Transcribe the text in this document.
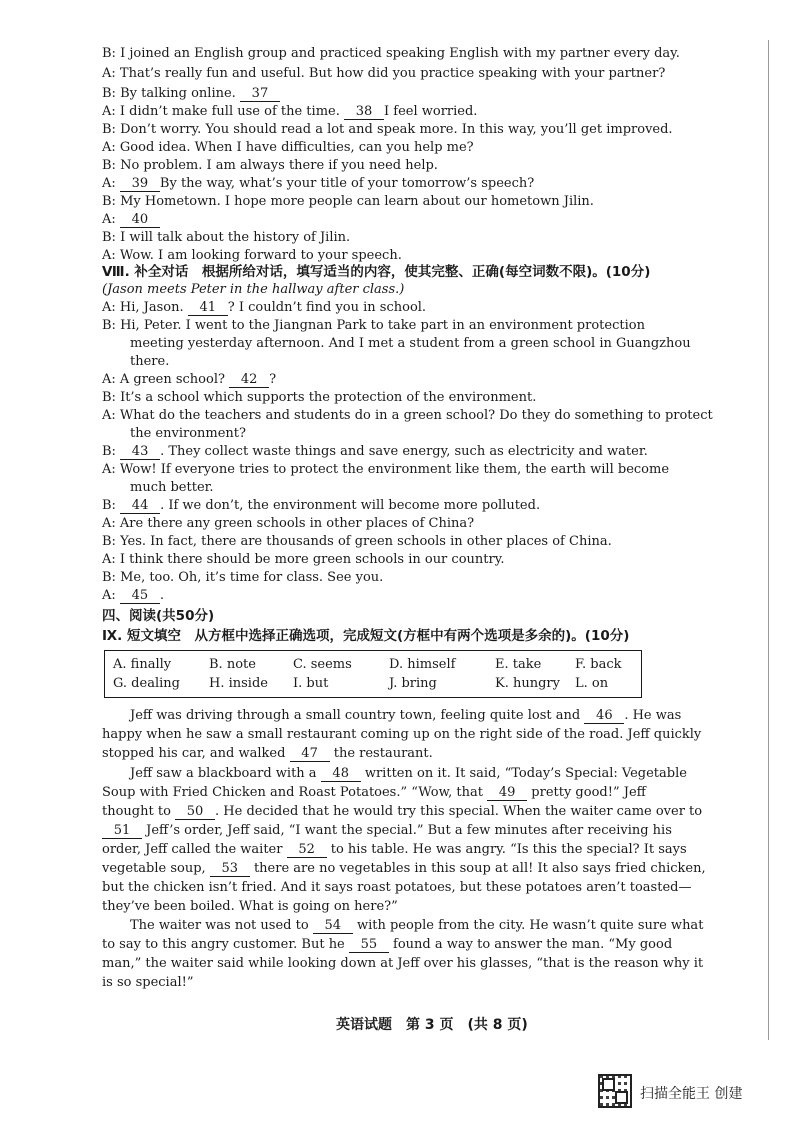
B: I joined an English group and practiced speaking English with my partner every day.
A: That’s really fun and useful. But how did you practice speaking with your partner?
B: By talking online. 37
A: I didn’t make full use of the time. 38 I feel worried.
B: Don’t worry. You should read a lot and speak more. In this way, you’ll get improved.
A: Good idea. When I have difficulties, can you help me?
B: No problem. I am always there if you need help.
A: 39 By the way, what’s your title of your tomorrow’s speech?
B: My Hometown. I hope more people can learn about our hometown Jilin.
A: 40
B: I will talk about the history of Jilin.
A: Wow. I am looking forward to your speech.
Ⅷ. 补全对话　根据所给对话，填写适当的内容，使其完整、正确(每空词数不限)。(10分)
(Jason meets Peter in the hallway after class.)
A: Hi, Jason. 41 ? I couldn’t find you in school.
B: Hi, Peter. I went to the Jiangnan Park to take part in an environment protection
meeting yesterday afternoon. And I met a student from a green school in Guangzhou
there.
A: A green school? 42 ?
B: It’s a school which supports the protection of the environment.
A: What do the teachers and students do in a green school? Do they do something to protect
the environment?
B: 43 . They collect waste things and save energy, such as electricity and water.
A: Wow! If everyone tries to protect the environment like them, the earth will become
much better.
B: 44 . If we don’t, the environment will become more polluted.
A: Are there any green schools in other places of China?
B: Yes. In fact, there are thousands of green schools in other places of China.
A: I think there should be more green schools in our country.
B: Me, too. Oh, it’s time for class. See you.
A: 45 .
四、阅读(共50分)
Ⅸ. 短文填空　从方框中选择正确选项，完成短文(方框中有两个选项是多余的)。(10分)
A. finally	B. note	C. seems	D. himself	E. take	F. back
G. dealing H. inside I. but	J. bring	K. hungry L. on
Jeff was driving through a small country town, feeling quite lost and 46 . He was
happy when he saw a small restaurant coming up on the right side of the road. Jeff quickly
stopped his car, and walked 47 the restaurant.
Jeff saw a blackboard with a 48 written on it. It said, “Today’s Special: Vegetable
Soup with Fried Chicken and Roast Potatoes.” “Wow, that 49 pretty good!” Jeff
thought to 50 . He decided that he would try this special. When the waiter came over to
51 Jeff’s order, Jeff said, “I want the special.” But a few minutes after receiving his
order, Jeff called the waiter 52 to his table. He was angry. “Is this the special? It says
vegetable soup, 53 there are no vegetables in this soup at all! It also says fried chicken,
but the chicken isn’t fried. And it says roast potatoes, but these potatoes aren’t toasted—
they’ve been boiled. What is going on here?”
The waiter was not used to 54 with people from the city. He wasn’t quite sure what
to say to this angry customer. But he 55 found a way to answer the man. “My good
man,” the waiter said while looking down at Jeff over his glasses, “that is the reason why it
is so special!”
英语试题　第 3 页　(共 8 页)
扫描全能王 创建
